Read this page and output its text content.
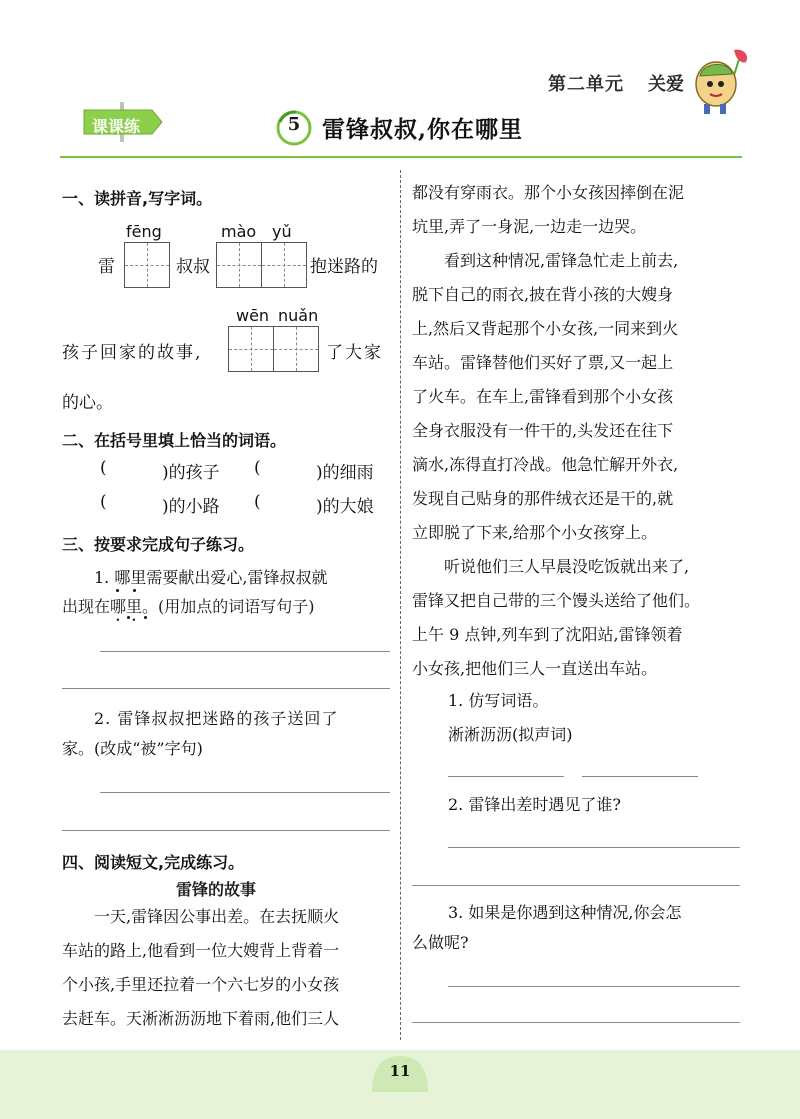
第二单元 关爱
课课练	5 雷锋叔叔,你在哪里
一、读拼音,写字词。
fēng	mào yǔ
雷	叔叔	抱迷路的
wēn nuǎn
孩子回家的故事,	了大家
的心。
二、在括号里填上恰当的词语。
(	)的孩子 (	)的细雨
(	)的小路 (	)的大娘
三、按要求完成句子练习。
1. 哪里需要献出爱心,雷锋叔叔就
出现在哪里。(用加点的词语写句子)
2. 雷锋叔叔把迷路的孩子送回了
家。(改成“被”字句)
四、阅读短文,完成练习。
雷锋的故事
一天,雷锋因公事出差。在去抚顺火
车站的路上,他看到一位大嫂背上背着一
个小孩,手里还拉着一个六七岁的小女孩
去赶车。天淅淅沥沥地下着雨,他们三人
都没有穿雨衣。那个小女孩因摔倒在泥
坑里,弄了一身泥,一边走一边哭。
看到这种情况,雷锋急忙走上前去,
脱下自己的雨衣,披在背小孩的大嫂身
上,然后又背起那个小女孩,一同来到火
车站。雷锋替他们买好了票,又一起上
了火车。在车上,雷锋看到那个小女孩
全身衣服没有一件干的,头发还在往下
滴水,冻得直打冷战。他急忙解开外衣,
发现自己贴身的那件绒衣还是干的,就
立即脱了下来,给那个小女孩穿上。
听说他们三人早晨没吃饭就出来了,
雷锋又把自己带的三个馒头送给了他们。
上午 9 点钟,列车到了沈阳站,雷锋领着
小女孩,把他们三人一直送出车站。
1. 仿写词语。
淅淅沥沥(拟声词)
2. 雷锋出差时遇见了谁?
3. 如果是你遇到这种情况,你会怎
么做呢?
11
